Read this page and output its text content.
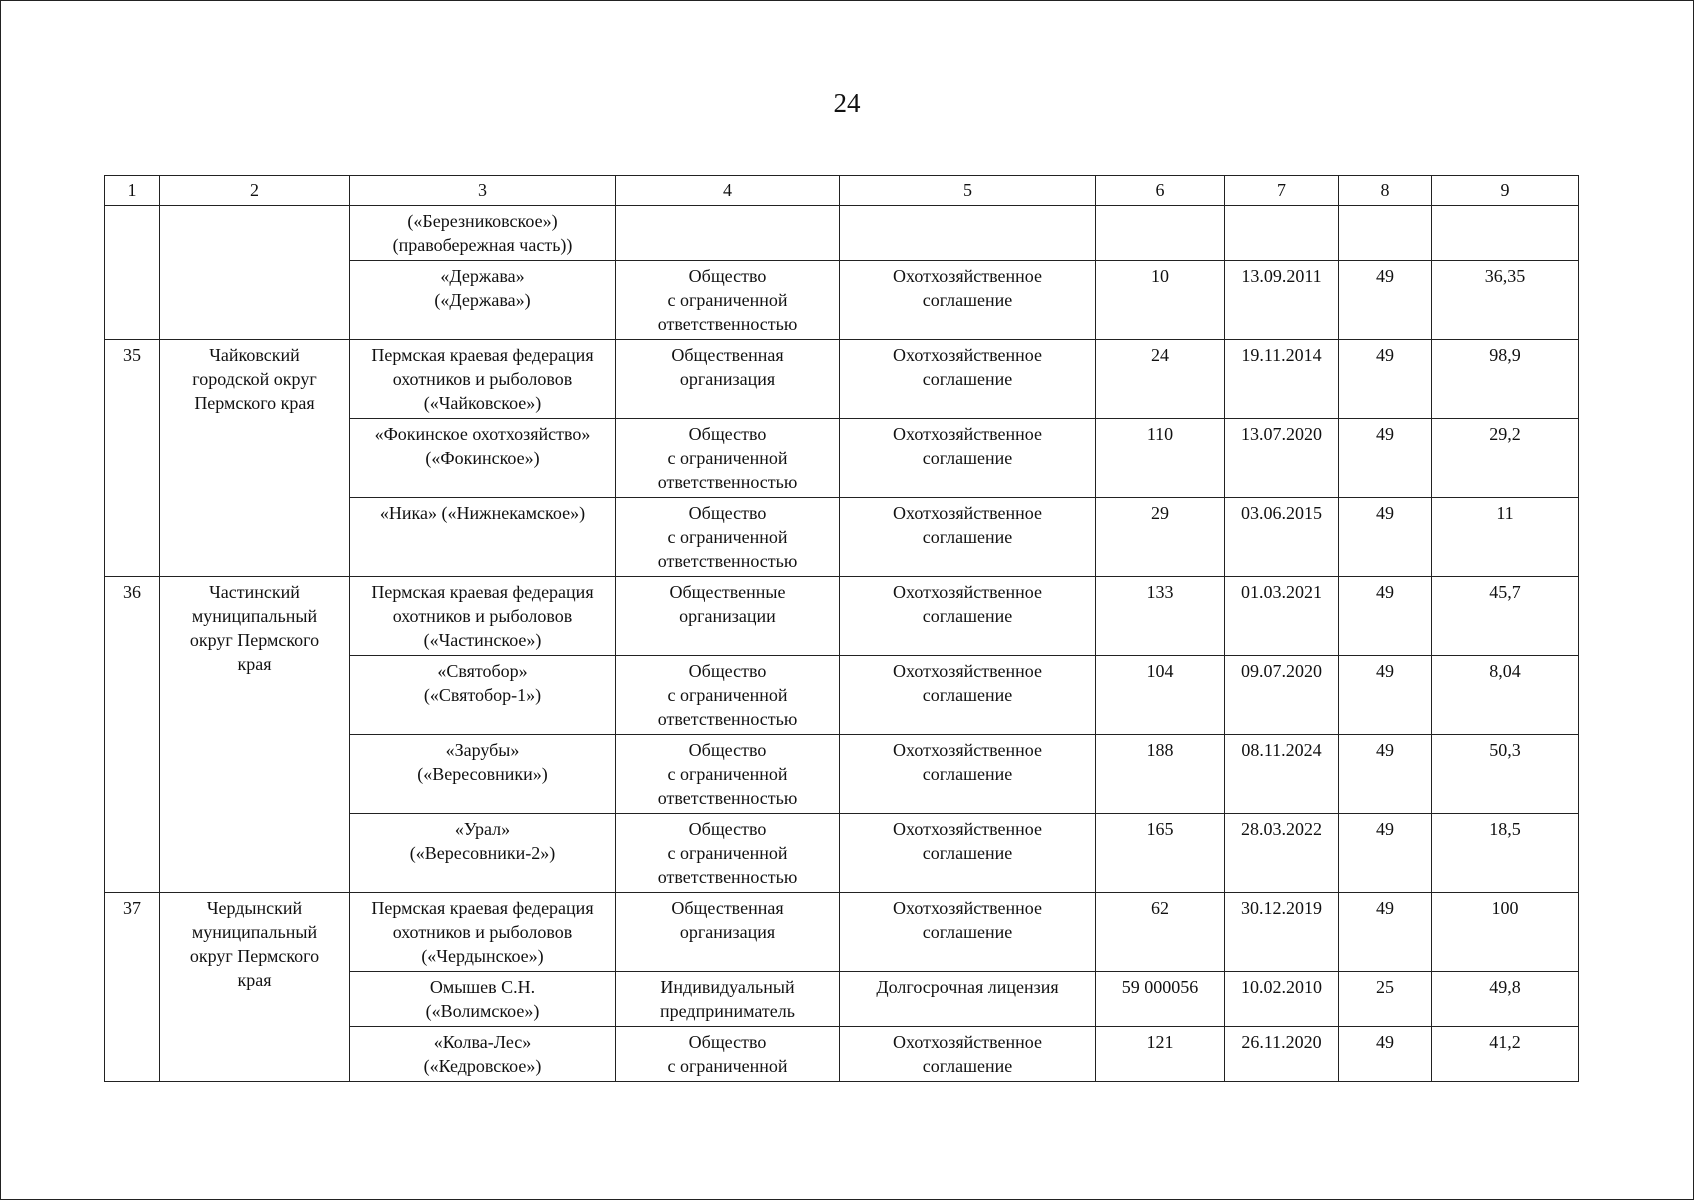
24
1	2	3	4	5	6	7	8	9
		(«Березниковское»)
(правобережная часть))						
		«Держава»
(«Держава»)	Общество
с ограниченной
ответственностью	Охотхозяйственное
соглашение	10	13.09.2011	49	36,35
35	Чайковский
городской округ
Пермского края	Пермская краевая федерация
охотников и рыболовов
(«Чайковское»)	Общественная
организация	Охотхозяйственное
соглашение	24	19.11.2014	49	98,9
		«Фокинское охотхозяйство»
(«Фокинское»)	Общество
с ограниченной
ответственностью	Охотхозяйственное
соглашение	110	13.07.2020	49	29,2
		«Ника» («Нижнекамское»)	Общество
с ограниченной
ответственностью	Охотхозяйственное
соглашение	29	03.06.2015	49	11
36	Частинский
муниципальный
округ Пермского
края	Пермская краевая федерация
охотников и рыболовов
(«Частинское»)	Общественные
организации	Охотхозяйственное
соглашение	133	01.03.2021	49	45,7
		«Святобор»
(«Святобор-1»)	Общество
с ограниченной
ответственностью	Охотхозяйственное
соглашение	104	09.07.2020	49	8,04
		«Зарубы»
(«Вересовники»)	Общество
с ограниченной
ответственностью	Охотхозяйственное
соглашение	188	08.11.2024	49	50,3
		«Урал»
(«Вересовники-2»)	Общество
с ограниченной
ответственностью	Охотхозяйственное
соглашение	165	28.03.2022	49	18,5
37	Чердынский
муниципальный
округ Пермского
края	Пермская краевая федерация
охотников и рыболовов
(«Чердынское»)	Общественная
организация	Охотхозяйственное
соглашение	62	30.12.2019	49	100
		Омышев С.Н.
(«Волимское»)	Индивидуальный
предприниматель	Долгосрочная лицензия	59 000056	10.02.2010	25	49,8
		«Колва-Лес»
(«Кедровское»)	Общество
с ограниченной	Охотхозяйственное
соглашение	121	26.11.2020	49	41,2
